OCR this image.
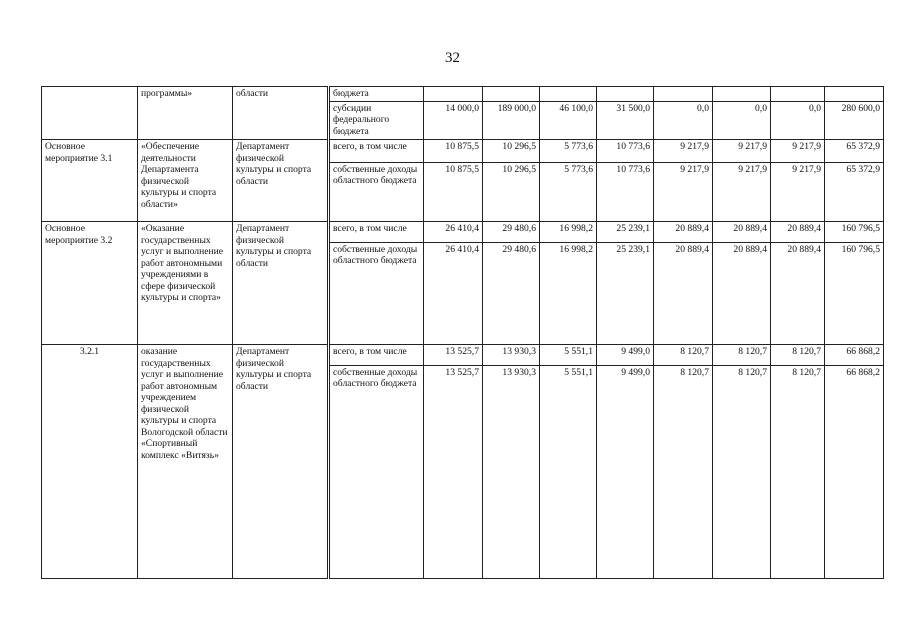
32
	программы»	области	бюджета								
			субсидии федерального бюджета	14 000,0	189 000,0	46 100,0	31 500,0	0,0	0,0	0,0	280 600,0
Основное мероприятие 3.1	«Обеспечение деятельности Департамента физической культуры и спорта области»	Департамент физической культуры и спорта области	всего, в том числе	10 875,5	10 296,5	5 773,6	10 773,6	9 217,9	9 217,9	9 217,9	65 372,9
			собственные доходы областного бюджета	10 875,5	10 296,5	5 773,6	10 773,6	9 217,9	9 217,9	9 217,9	65 372,9
Основное мероприятие 3.2	«Оказание государственных услуг и выполнение работ автономными учреждениями в сфере физической культуры и спорта»	Департамент физической культуры и спорта области	всего, в том числе	26 410,4	29 480,6	16 998,2	25 239,1	20 889,4	20 889,4	20 889,4	160 796,5
			собственные доходы областного бюджета	26 410,4	29 480,6	16 998,2	25 239,1	20 889,4	20 889,4	20 889,4	160 796,5
3.2.1	оказание государственных услуг и выполнение работ автономным учреждением физической культуры и спорта Вологодской области «Спортивный комплекс «Витязь»	Департамент физической культуры и спорта области	всего, в том числе	13 525,7	13 930,3	5 551,1	9 499,0	8 120,7	8 120,7	8 120,7	66 868,2
			собственные доходы областного бюджета	13 525,7	13 930,3	5 551,1	9 499,0	8 120,7	8 120,7	8 120,7	66 868,2
